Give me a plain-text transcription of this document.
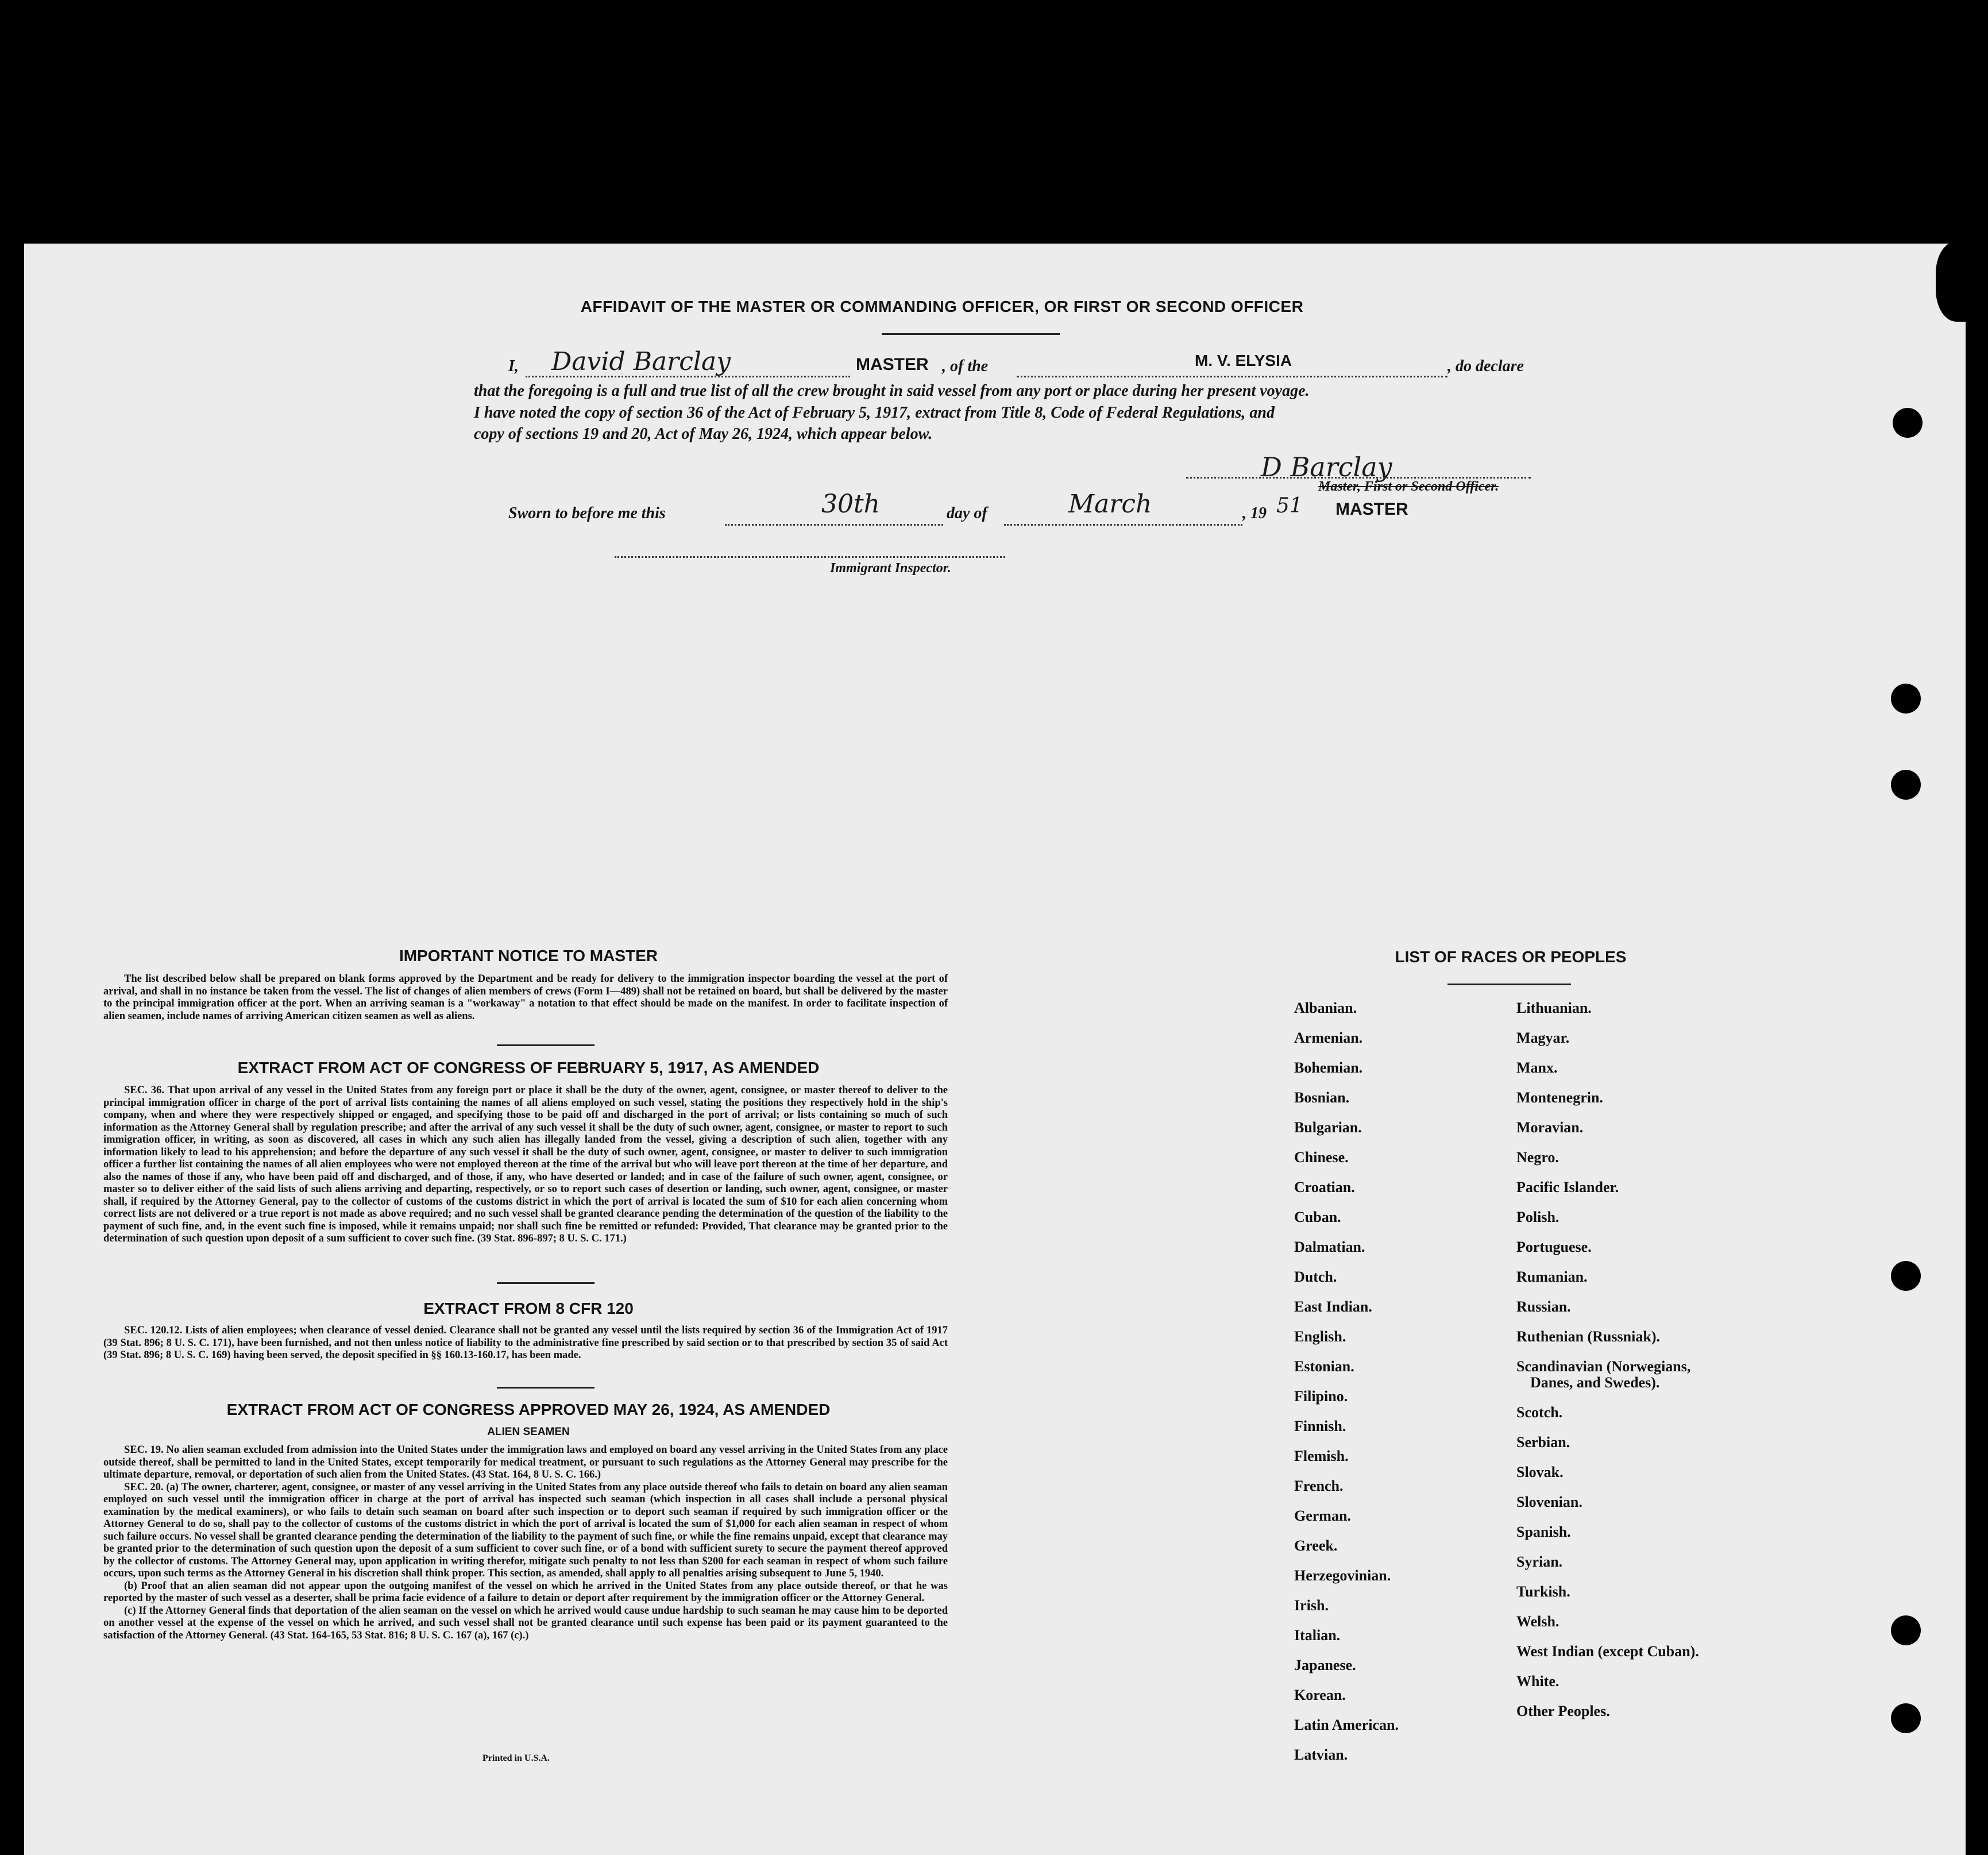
AFFIDAVIT OF THE MASTER OR COMMANDING OFFICER, OR FIRST OR SECOND OFFICER
I, David Barclay	MASTER , of the	M. V. ELYSIA	, do declare
that the foregoing is a full and true list of all the crew brought in said vessel from any port or place during her present voyage.
I have noted the copy of section 36 of the Act of February 5, 1917, extract from Title 8, Code of Federal Regulations, and
copy of sections 19 and 20, Act of May 26, 1924, which appear below.
D Barclay
Master, First or Second Officer.
Sworn to before me this	30th	day of	March	, 19 51 MASTER
Immigrant Inspector.
IMPORTANT NOTICE TO MASTER

The list described below shall be prepared on blank forms approved by the Department and be ready for delivery to the immigration inspector boarding the vessel at the port of arrival, and shall in no instance be taken from the vessel. The list of changes of alien members of crews (Form I—489) shall not be retained on board, but shall be delivered by the master to the principal immigration officer at the port. When an arriving seaman is a "workaway" a notation to that effect should be made on the manifest. In order to facilitate inspection of alien seamen, include names of arriving American citizen seamen as well as aliens.

EXTRACT FROM ACT OF CONGRESS OF FEBRUARY 5, 1917, AS AMENDED

SEC. 36. That upon arrival of any vessel in the United States from any foreign port or place it shall be the duty of the owner, agent, consignee, or master thereof to deliver to the principal immigration officer in charge of the port of arrival lists containing the names of all aliens employed on such vessel, stating the positions they respectively hold in the ship's company, when and where they were respectively shipped or engaged, and specifying those to be paid off and discharged in the port of arrival; or lists containing so much of such information as the Attorney General shall by regulation prescribe; and after the arrival of any such vessel it shall be the duty of such owner, agent, consignee, or master to report to such immigration officer, in writing, as soon as discovered, all cases in which any such alien has illegally landed from the vessel, giving a description of such alien, together with any information likely to lead to his apprehension; and before the departure of any such vessel it shall be the duty of such owner, agent, consignee, or master to deliver to such immigration officer a further list containing the names of all alien employees who were not employed thereon at the time of the arrival but who will leave port thereon at the time of her departure, and also the names of those if any, who have been paid off and discharged, and of those, if any, who have deserted or landed; and in case of the failure of such owner, agent, consignee, or master so to deliver either of the said lists of such aliens arriving and departing, respectively, or so to report such cases of desertion or landing, such owner, agent, consignee, or master shall, if required by the Attorney General, pay to the collector of customs of the customs district in which the port of arrival is located the sum of $10 for each alien concerning whom correct lists are not delivered or a true report is not made as above required; and no such vessel shall be granted clearance pending the determination of the question of the liability to the payment of such fine, and, in the event such fine is imposed, while it remains unpaid; nor shall such fine be remitted or refunded: Provided, That clearance may be granted prior to the determination of such question upon deposit of a sum sufficient to cover such fine. (39 Stat. 896-897; 8 U. S. C. 171.)

EXTRACT FROM 8 CFR 120

SEC. 120.12. Lists of alien employees; when clearance of vessel denied. Clearance shall not be granted any vessel until the lists required by section 36 of the Immigration Act of 1917 (39 Stat. 896; 8 U. S. C. 171), have been furnished, and not then unless notice of liability to the administrative fine prescribed by said section or to that prescribed by section 35 of said Act (39 Stat. 896; 8 U. S. C. 169) having been served, the deposit specified in §§ 160.13-160.17, has been made.

EXTRACT FROM ACT OF CONGRESS APPROVED MAY 26, 1924, AS AMENDED
ALIEN SEAMEN

SEC. 19. No alien seaman excluded from admission into the United States under the immigration laws and employed on board any vessel arriving in the United States from any place outside thereof, shall be permitted to land in the United States, except temporarily for medical treatment, or pursuant to such regulations as the Attorney General may prescribe for the ultimate departure, removal, or deportation of such alien from the United States. (43 Stat. 164, 8 U. S. C. 166.)

SEC. 20. (a) The owner, charterer, agent, consignee, or master of any vessel arriving in the United States from any place outside thereof who fails to detain on board any alien seaman employed on such vessel until the immigration officer in charge at the port of arrival has inspected such seaman (which inspection in all cases shall include a personal physical examination by the medical examiners), or who fails to detain such seaman on board after such inspection or to deport such seaman if required by such immigration officer or the Attorney General to do so, shall pay to the collector of customs of the customs district in which the port of arrival is located the sum of $1,000 for each alien seaman in respect of whom such failure occurs. No vessel shall be granted clearance pending the determination of the liability to the payment of such fine, or while the fine remains unpaid, except that clearance may be granted prior to the determination of such question upon the deposit of a sum sufficient to cover such fine, or of a bond with sufficient surety to secure the payment thereof approved by the collector of customs. The Attorney General may, upon application in writing therefor, mitigate such penalty to not less than $200 for each seaman in respect of whom such failure occurs, upon such terms as the Attorney General in his discretion shall think proper. This section, as amended, shall apply to all penalties arising subsequent to June 5, 1940.

(b) Proof that an alien seaman did not appear upon the outgoing manifest of the vessel on which he arrived in the United States from any place outside thereof, or that he was reported by the master of such vessel as a deserter, shall be prima facie evidence of a failure to detain or deport after requirement by the immigration officer or the Attorney General.

(c) If the Attorney General finds that deportation of the alien seaman on the vessel on which he arrived would cause undue hardship to such seaman he may cause him to be deported on another vessel at the expense of the vessel on which he arrived, and such vessel shall not be granted clearance until such expense has been paid or its payment guaranteed to the satisfaction of the Attorney General. (43 Stat. 164-165, 53 Stat. 816; 8 U. S. C. 167 (a), 167 (c).)

Printed in U.S.A.
LIST OF RACES OR PEOPLES
Albanian.
Armenian.
Bohemian.
Bosnian.
Bulgarian.
Chinese.
Croatian.
Cuban.
Dalmatian.
Dutch.
East Indian.
English.
Estonian.
Filipino.
Finnish.
Flemish.
French.
German.
Greek.
Herzegovinian.
Irish.
Italian.
Japanese.
Korean.
Latin American.
Latvian.
Lithuanian.
Magyar.
Manx.
Montenegrin.
Moravian.
Negro.
Pacific Islander.
Polish.
Portuguese.
Rumanian.
Russian.
Ruthenian (Russniak).
Scandinavian (Norwegians,
Danes, and Swedes).
Scotch.
Serbian.
Slovak.
Slovenian.
Spanish.
Syrian.
Turkish.
Welsh.
West Indian (except Cuban).
White.
Other Peoples.
